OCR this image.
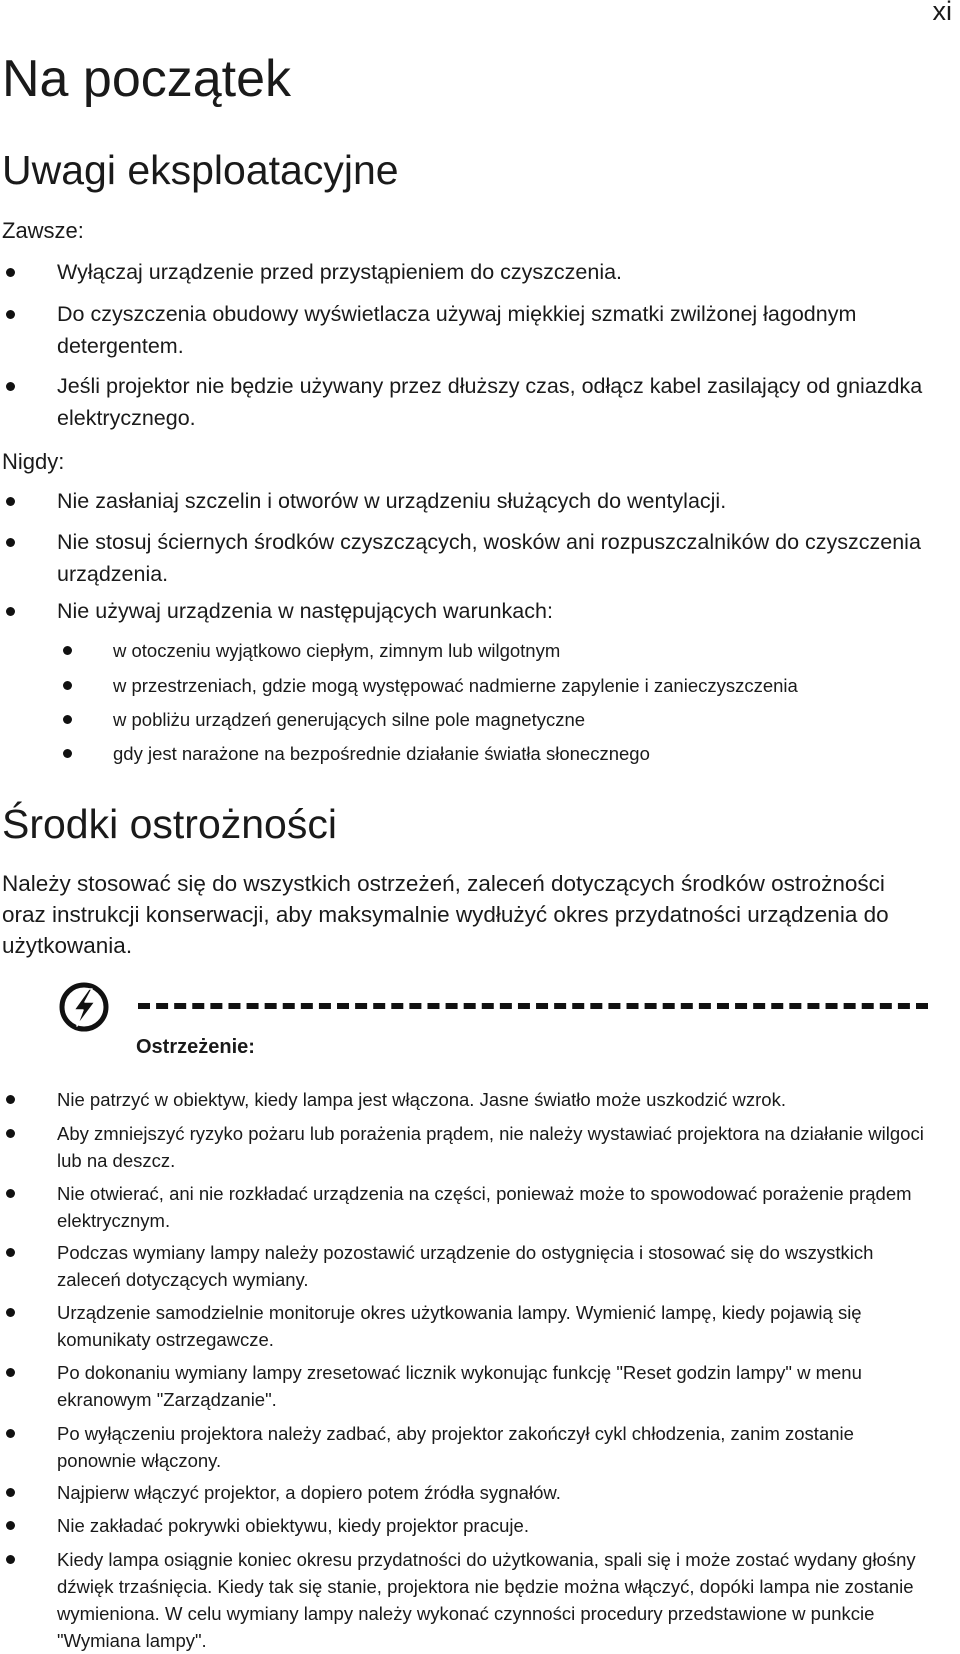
xi
Na początek
Uwagi eksploatacyjne
Zawsze:
Wyłączaj urządzenie przed przystąpieniem do czyszczenia.
Do czyszczenia obudowy wyświetlacza używaj miękkiej szmatki zwilżonej łagodnym detergentem.
Jeśli projektor nie będzie używany przez dłuższy czas, odłącz kabel zasilający od gniazdka elektrycznego.
Nigdy:
Nie zasłaniaj szczelin i otworów w urządzeniu służących do wentylacji.
Nie stosuj ściernych środków czyszczących, wosków ani rozpuszczalników do czyszczenia urządzenia.
Nie używaj urządzenia w następujących warunkach:
w otoczeniu wyjątkowo ciepłym, zimnym lub wilgotnym
w przestrzeniach, gdzie mogą występować nadmierne zapylenie i zanieczyszczenia
w pobliżu urządzeń generujących silne pole magnetyczne
gdy jest narażone na bezpośrednie działanie światła słonecznego
Środki ostrożności
Należy stosować się do wszystkich ostrzeżeń, zaleceń dotyczących środków ostrożności oraz instrukcji konserwacji, aby maksymalnie wydłużyć okres przydatności urządzenia do użytkowania.
Ostrzeżenie:
Nie patrzyć w obiektyw, kiedy lampa jest włączona. Jasne światło może uszkodzić wzrok.
Aby zmniejszyć ryzyko pożaru lub porażenia prądem, nie należy wystawiać projektora na działanie wilgoci lub na deszcz.
Nie otwierać, ani nie rozkładać urządzenia na części, ponieważ może to spowodować porażenie prądem elektrycznym.
Podczas wymiany lampy należy pozostawić urządzenie do ostygnięcia i stosować się do wszystkich zaleceń dotyczących wymiany.
Urządzenie samodzielnie monitoruje okres użytkowania lampy. Wymienić lampę, kiedy pojawią się komunikaty ostrzegawcze.
Po dokonaniu wymiany lampy zresetować licznik wykonując funkcję "Reset godzin lampy" w menu ekranowym "Zarządzanie".
Po wyłączeniu projektora należy zadbać, aby projektor zakończył cykl chłodzenia, zanim zostanie ponownie włączony.
Najpierw włączyć projektor, a dopiero potem źródła sygnałów.
Nie zakładać pokrywki obiektywu, kiedy projektor pracuje.
Kiedy lampa osiągnie koniec okresu przydatności do użytkowania, spali się i może zostać wydany głośny dźwięk trzaśnięcia. Kiedy tak się stanie, projektora nie będzie można włączyć, dopóki lampa nie zostanie wymieniona. W celu wymiany lampy należy wykonać czynności procedury przedstawione w punkcie "Wymiana lampy".
